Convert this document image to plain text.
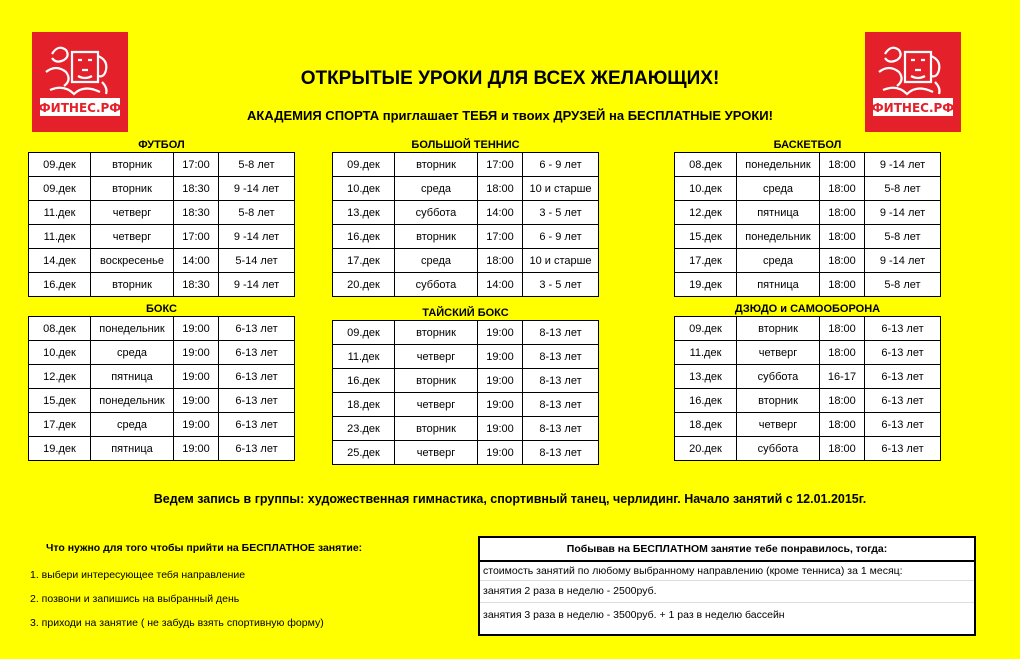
ФИТНЕС.РФ	ФИТНЕС.РФ
ОТКРЫТЫЕ УРОКИ ДЛЯ ВСЕХ ЖЕЛАЮЩИХ!
АКАДЕМИЯ СПОРТА приглашает ТЕБЯ и твоих ДРУЗЕЙ на БЕСПЛАТНЫЕ УРОКИ!
ФУТБОЛ
09.дек	вторник	17:00	5-8 лет
09.дек	вторник	18:30	9 -14 лет
11.дек	четверг	18:30	5-8 лет
11.дек	четверг	17:00	9 -14 лет
14.дек	воскресенье	14:00	5-14 лет
16.дек	вторник	18:30	9 -14 лет
БОЛЬШОЙ ТЕННИС
09.дек	вторник	17:00	6 - 9 лет
10.дек	среда	18:00	10 и старше
13.дек	суббота	14:00	3 - 5 лет
16.дек	вторник	17:00	6 - 9 лет
17.дек	среда	18:00	10 и старше
20.дек	суббота	14:00	3 - 5 лет
БАСКЕТБОЛ
08.дек	понедельник	18:00	9 -14 лет
10.дек	среда	18:00	5-8 лет
12.дек	пятница	18:00	9 -14 лет
15.дек	понедельник	18:00	5-8 лет
17.дек	среда	18:00	9 -14 лет
19.дек	пятница	18:00	5-8 лет
БОКС
08.дек	понедельник	19:00	6-13 лет
10.дек	среда	19:00	6-13 лет
12.дек	пятница	19:00	6-13 лет
15.дек	понедельник	19:00	6-13 лет
17.дек	среда	19:00	6-13 лет
19.дек	пятница	19:00	6-13 лет
ТАЙСКИЙ БОКС
09.дек	вторник	19:00	8-13 лет
11.дек	четверг	19:00	8-13 лет
16.дек	вторник	19:00	8-13 лет
18.дек	четверг	19:00	8-13 лет
23.дек	вторник	19:00	8-13 лет
25.дек	четверг	19:00	8-13 лет
ДЗЮДО и САМООБОРОНА
09.дек	вторник	18:00	6-13 лет
11.дек	четверг	18:00	6-13 лет
13.дек	суббота	16-17	6-13 лет
16.дек	вторник	18:00	6-13 лет
18.дек	четверг	18:00	6-13 лет
20.дек	суббота	18:00	6-13 лет
Ведем запись в группы: художественная гимнастика, спортивный танец, черлидинг. Начало занятий с 12.01.2015г.
Что нужно для того чтобы прийти на БЕСПЛАТНОЕ занятие:
1. выбери интересующее тебя направление
2. позвони и запишись на выбранный день
3. приходи на занятие ( не забудь взять спортивную форму)
Побывав на БЕСПЛАТНОМ занятие тебе понравилось, тогда:
стоимость занятий по любому выбранному направлению (кроме тенниса) за 1 месяц:
занятия 2 раза в неделю - 2500руб.
занятия 3 раза в неделю - 3500руб. + 1 раз в неделю бассейн
